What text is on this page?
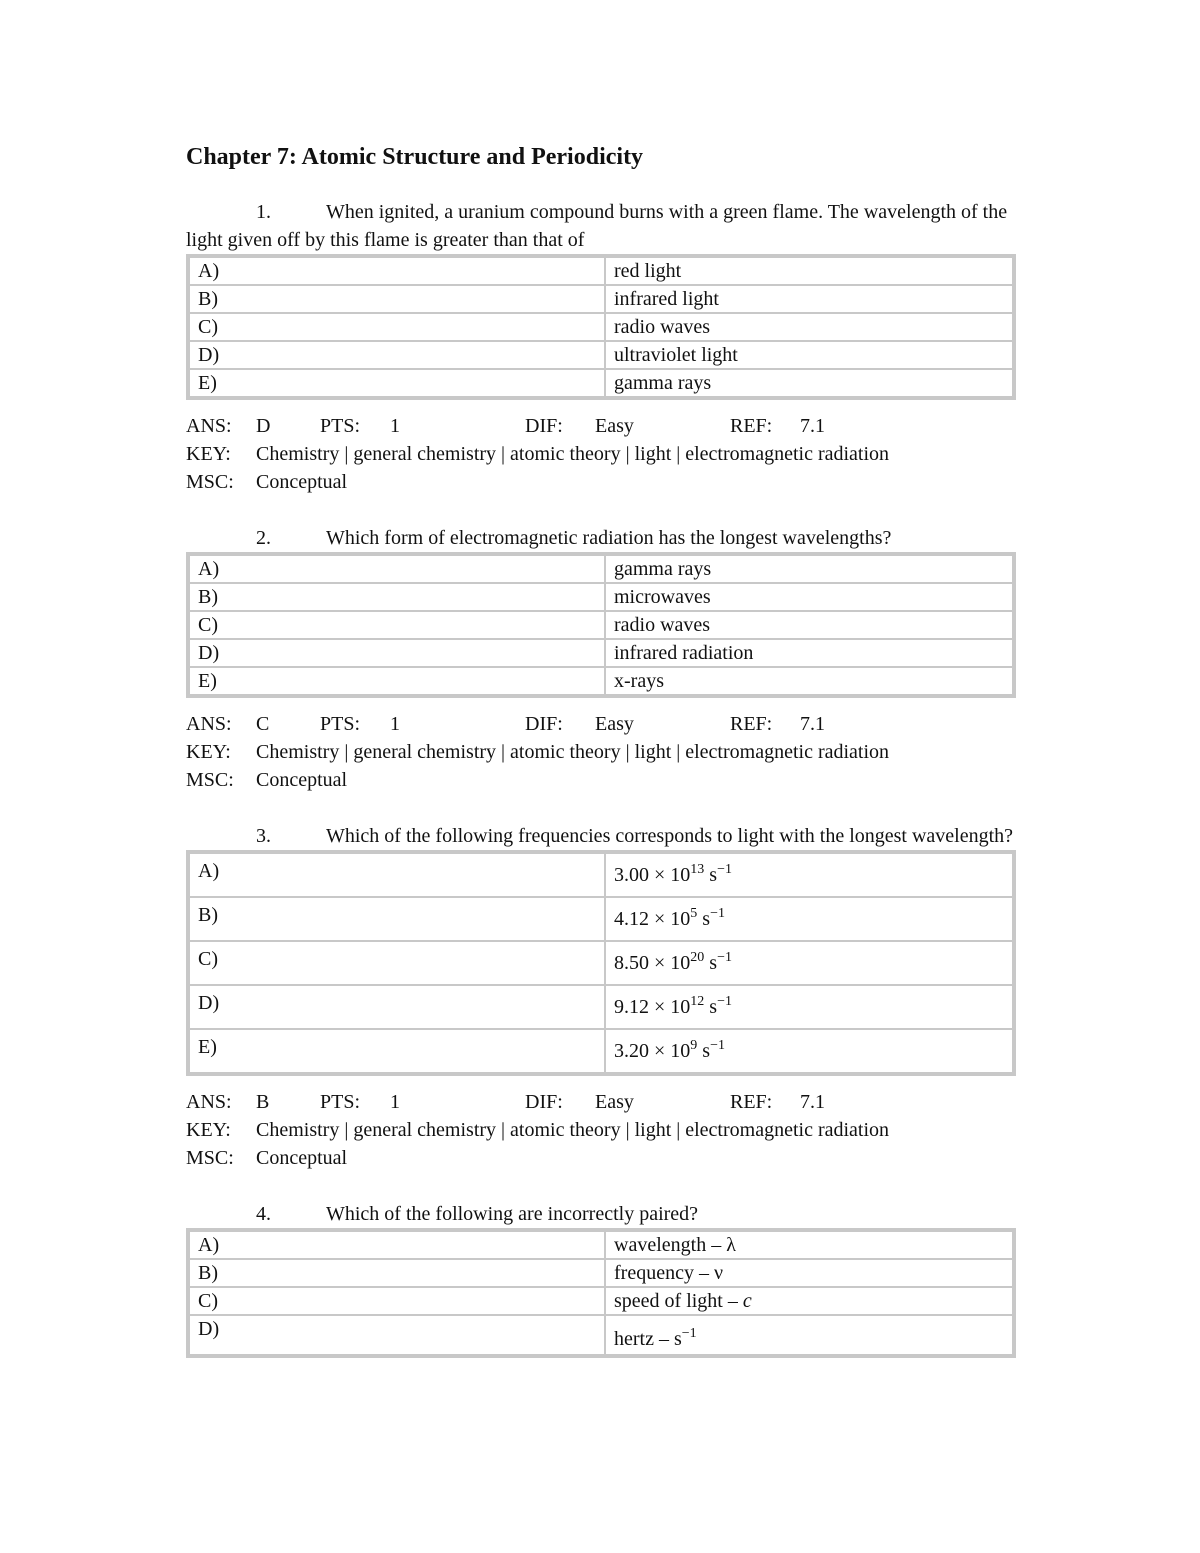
Chapter 7: Atomic Structure and Periodicity
1.	When ignited, a uranium compound burns with a green flame. The wavelength of the light given off by this flame is greater than that of
A)	red light
B)	infrared light
C)	radio waves
D)	ultraviolet light
E)	gamma rays
ANS: D PTS: 1	DIF: Easy	REF: 7.1
KEY: Chemistry | general chemistry | atomic theory | light | electromagnetic radiation
MSC: Conceptual
2.	Which form of electromagnetic radiation has the longest wavelengths?
A)	gamma rays
B)	microwaves
C)	radio waves
D)	infrared radiation
E)	x-rays
ANS: C	PTS: 1	DIF: Easy	REF: 7.1
KEY: Chemistry | general chemistry | atomic theory | light | electromagnetic radiation
MSC: Conceptual
3.	Which of the following frequencies corresponds to light with the longest wavelength?
A)	$3.00 \times 10^{13}$ $s^{-1}$
B)	$4.12 \times 10^5$ $s^{-1}$
C)	$8.50 \times 10^{20}$ $s^{-1}$
D)	$9.12 \times 10^{12}$ $s^{-1}$
E)	$3.20 \times 10^9$ $s^{-1}$
ANS: B	PTS: 1	DIF: Easy	REF: 7.1
KEY: Chemistry | general chemistry | atomic theory | light | electromagnetic radiation
MSC: Conceptual
4.	Which of the following are incorrectly paired?
A)	wavelength – λ
B)	frequency – ν
C)	speed of light – c
D)	hertz – $s^{-1}$
